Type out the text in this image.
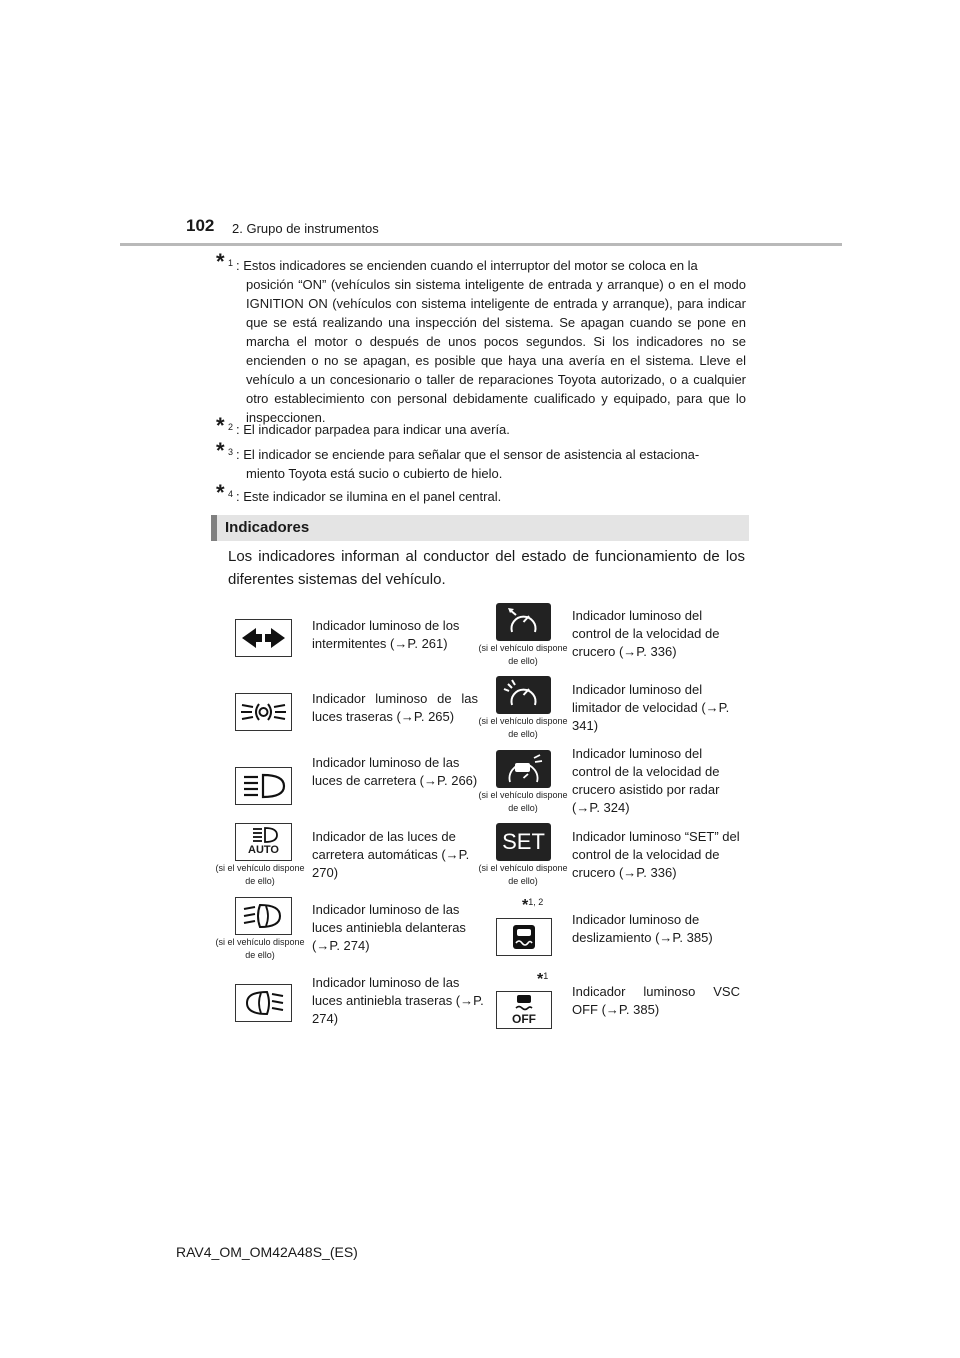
102 2. Grupo de instrumentos
* 1 : Estos indicadores se encienden cuando el interruptor del motor se coloca en la
posición “ON” (vehículos sin sistema inteligente de entrada y arranque) o en el modo IGNITION ON (vehículos con sistema inteligente de entrada y arranque), para indicar que se está realizando una inspección del sistema. Se apagan cuando se pone en marcha el motor o después de unos pocos segundos. Si los indicadores no se encienden o no se apagan, es posible que haya una avería en el sistema. Lleve el vehículo a un concesionario o taller de reparaciones Toyota autorizado, o a cualquier otro establecimiento con personal debidamente cualificado y equipado, para que lo inspeccionen.
* 2 : El indicador parpadea para indicar una avería.
* 3 : El indicador se enciende para señalar que el sensor de asistencia al estaciona-
miento Toyota está sucio o cubierto de hielo.
* 4 : Este indicador se ilumina en el panel central.
Indicadores
Los indicadores informan al conductor del estado de funcionamiento de los diferentes sistemas del vehículo.
Indicador luminoso de los intermitentes (→P. 261)
Indicador luminoso de las luces traseras (→P. 265)
Indicador luminoso de las luces de carretera (→P. 266)
AUTO
(si el vehículo dispone de ello)
Indicador de las luces de carretera automáticas (→P. 270)
(si el vehículo dispone de ello)
Indicador luminoso de las luces antiniebla delanteras (→P. 274)
Indicador luminoso de las luces antiniebla traseras (→P. 274)
(si el vehículo dispone de ello)
Indicador luminoso del control de la velocidad de crucero (→P. 336)
(si el vehículo dispone de ello)
Indicador luminoso del limitador de velocidad (→P. 341)
(si el vehículo dispone de ello)
Indicador luminoso del control de la velocidad de crucero asistido por radar (→P. 324)
SET
(si el vehículo dispone de ello)
Indicador luminoso “SET” del control de la velocidad de crucero (→P. 336)
*$^{1, 2}$
Indicador luminoso de deslizamiento (→P. 385)
*$^1$
OFF
Indicador luminoso VSC OFF (→P. 385)
RAV4_OM_OM42A48S_(ES)
